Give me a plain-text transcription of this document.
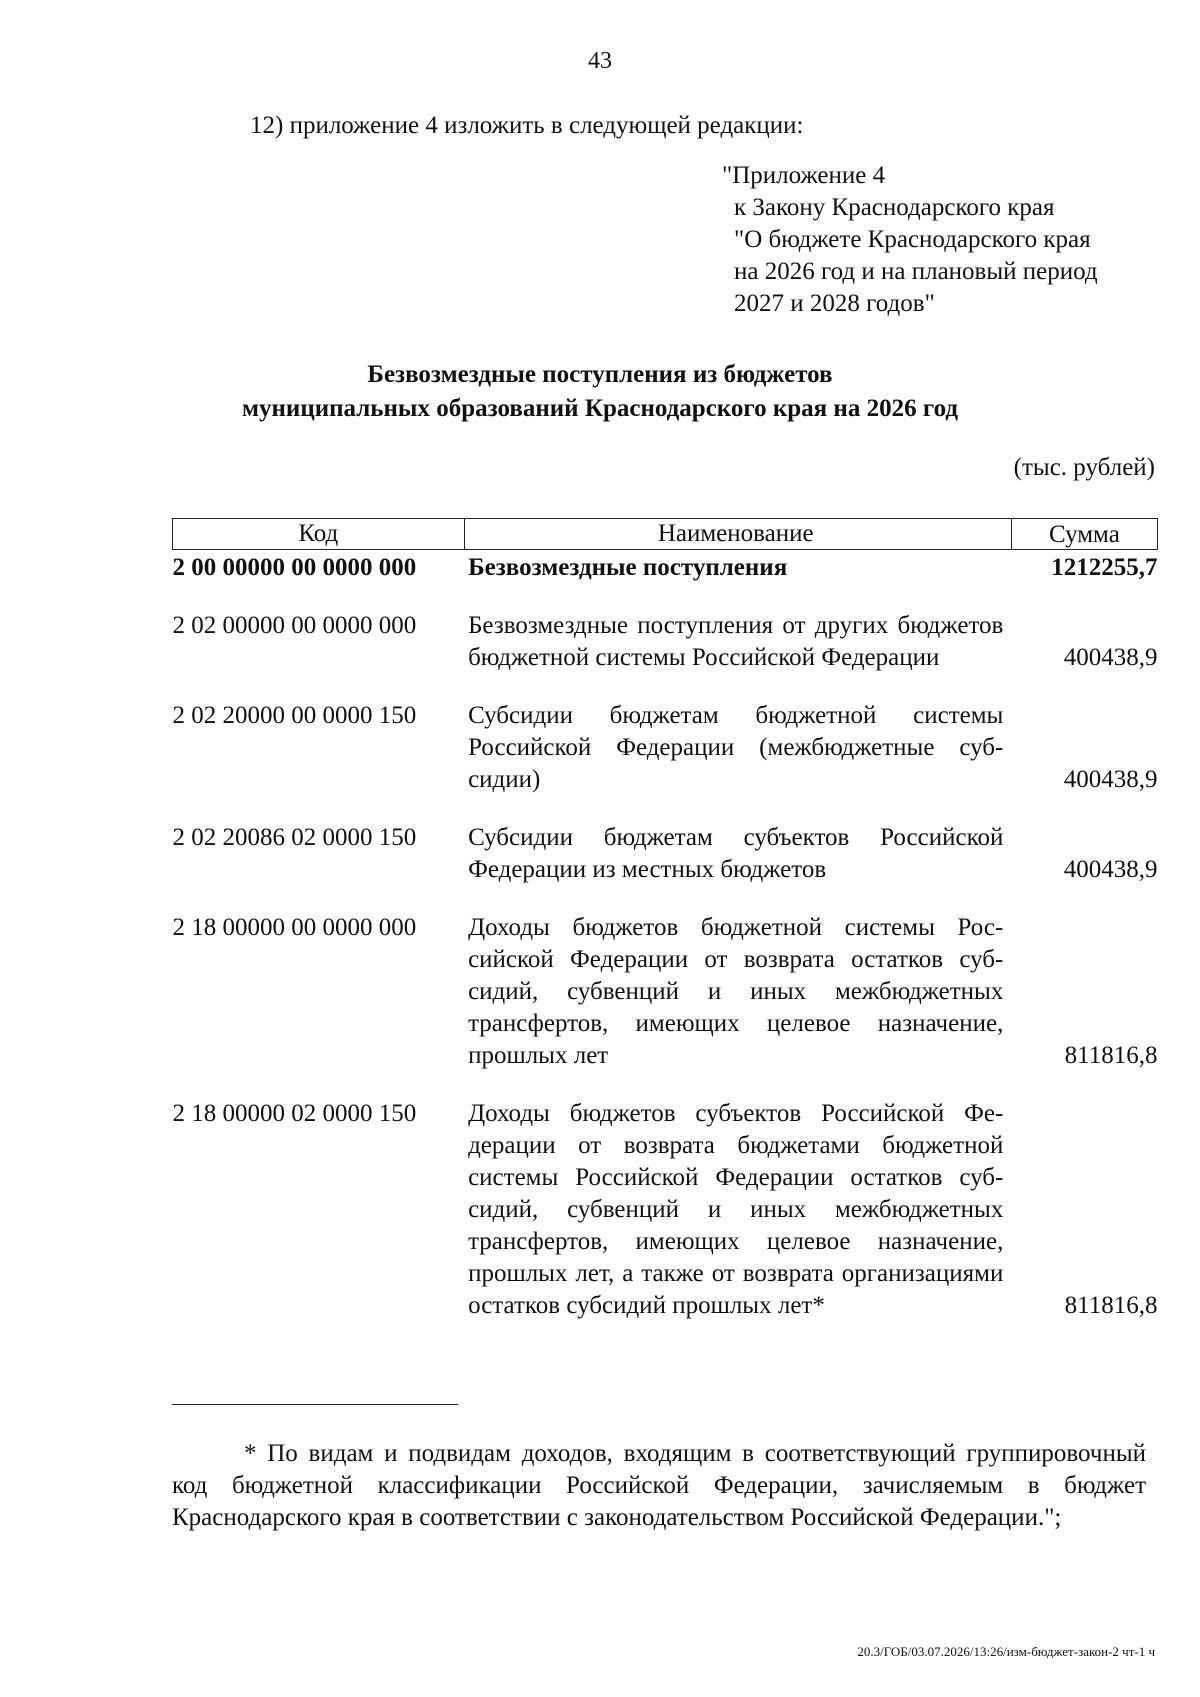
43
12) приложение 4 изложить в следующей редакции:
"Приложение 4
к Закону Краснодарского края
"О бюджете Краснодарского края
на 2026 год и на плановый период
2027 и 2028 годов"
Безвозмездные поступления из бюджетов
муниципальных образований Краснодарского края на 2026 год
(тыс. рублей)
Код	Наименование	Сумма
2 00 00000 00 0000 000	Безвозмездные поступления	1212255,7
2 02 00000 00 0000 000	Безвозмездные поступления от других бюджетов бюджетной системы Российской Федерации	400438,9
2 02 20000 00 0000 150	Субсидии бюджетам бюджетной системы Российской Федерации (межбюджетные субсидии)	400438,9
2 02 20086 02 0000 150	Субсидии бюджетам субъектов Российской Федерации из местных бюджетов	400438,9
2 18 00000 00 0000 000	Доходы бюджетов бюджетной системы Российской Федерации от возврата остатков субсидий, субвенций и иных межбюджетных трансфертов, имеющих целевое назначение, прошлых лет	811816,8
2 18 00000 02 0000 150	Доходы бюджетов субъектов Российской Федерации от возврата бюджетами бюджетной системы Российской Федерации остатков субсидий, субвенций и иных межбюджетных трансфертов, имеющих целевое назначение, прошлых лет, а также от возврата организациями остатков субсидий прошлых лет*	811816,8
* По видам и подвидам доходов, входящим в соответствующий группировочный код бюджетной классификации Российской Федерации, зачисляемым в бюджет Краснодарского края в соответствии с законодательством Российской Федерации.";
20.3/ГОБ/03.07.2026/13:26/изм-бюджет-закон-2 чт-1 ч
